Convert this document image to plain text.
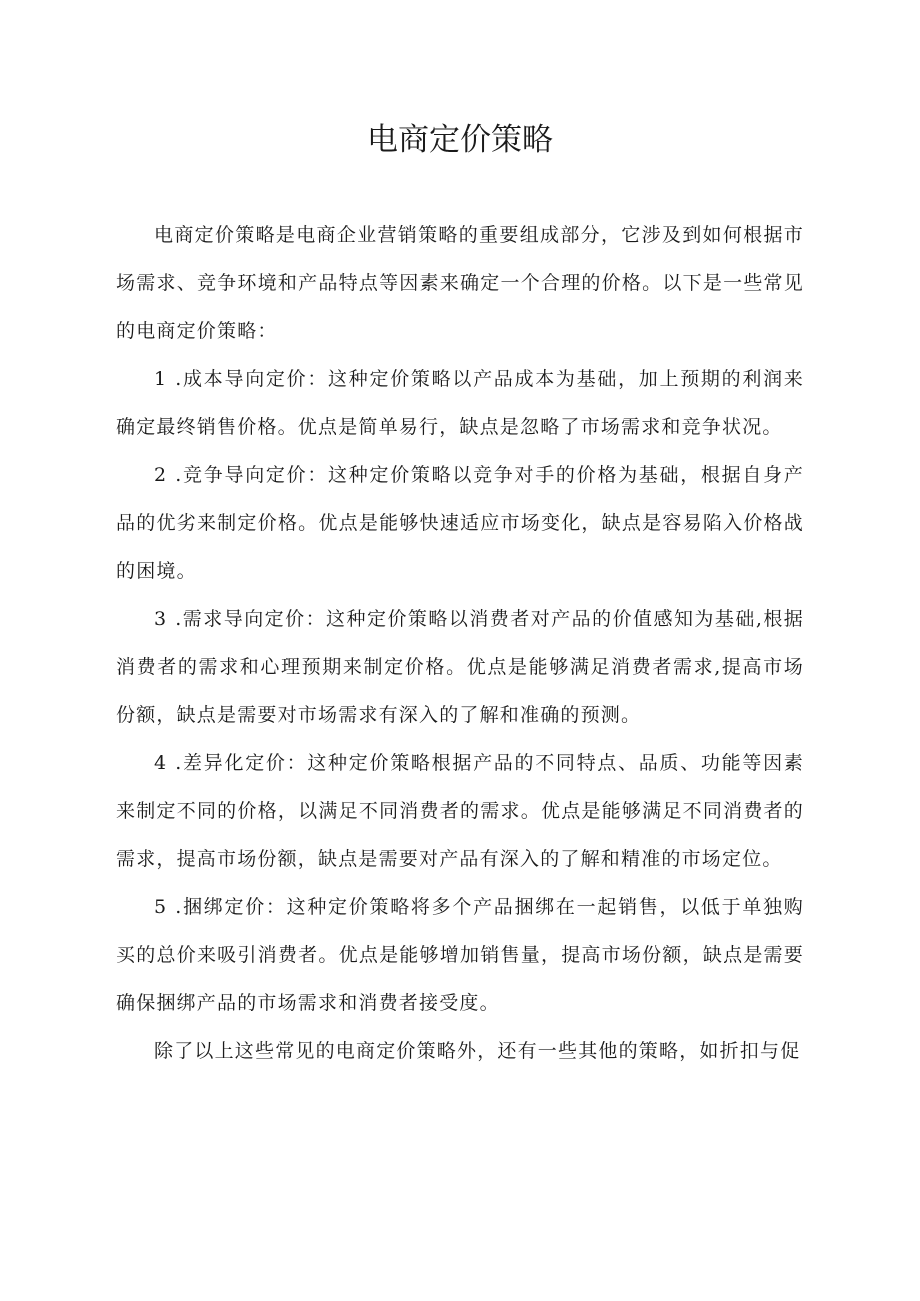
电商定价策略

电商定价策略是电商企业营销策略的重要组成部分，它涉及到如何根据市场需求、竞争环境和产品特点等因素来确定一个合理的价格。以下是一些常见的电商定价策略：

1 .成本导向定价：这种定价策略以产品成本为基础，加上预期的利润来确定最终销售价格。优点是简单易行，缺点是忽略了市场需求和竞争状况。

2 .竞争导向定价：这种定价策略以竞争对手的价格为基础，根据自身产品的优劣来制定价格。优点是能够快速适应市场变化，缺点是容易陷入价格战的困境。

3 .需求导向定价：这种定价策略以消费者对产品的价值感知为基础,根据消费者的需求和心理预期来制定价格。优点是能够满足消费者需求,提高市场份额，缺点是需要对市场需求有深入的了解和准确的预测。

4 .差异化定价：这种定价策略根据产品的不同特点、品质、功能等因素来制定不同的价格，以满足不同消费者的需求。优点是能够满足不同消费者的需求，提高市场份额，缺点是需要对产品有深入的了解和精准的市场定位。

5 .捆绑定价：这种定价策略将多个产品捆绑在一起销售，以低于单独购买的总价来吸引消费者。优点是能够增加销售量，提高市场份额，缺点是需要确保捆绑产品的市场需求和消费者接受度。

除了以上这些常见的电商定价策略外，还有一些其他的策略，如折扣与促
